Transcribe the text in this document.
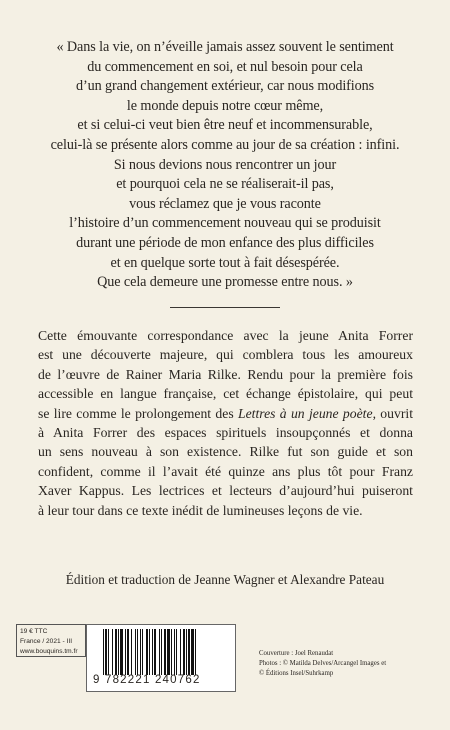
« Dans la vie, on n’éveille jamais assez souvent le sentiment
du commencement en soi, et nul besoin pour cela
d’un grand changement extérieur, car nous modifions
le monde depuis notre cœur même,
et si celui-ci veut bien être neuf et incommensurable,
celui-là se présente alors comme au jour de sa création : infini.
Si nous devions nous rencontrer un jour
et pourquoi cela ne se réaliserait-il pas,
vous réclamez que je vous raconte
l’histoire d’un commencement nouveau qui se produisit
durant une période de mon enfance des plus difficiles
et en quelque sorte tout à fait désespérée.
Que cela demeure une promesse entre nous. »
Cette émouvante correspondance avec la jeune Anita Forrer
est une découverte majeure, qui comblera tous les amoureux
de l’œuvre de Rainer Maria Rilke. Rendu pour la première fois
accessible en langue française, cet échange épistolaire, qui peut
se lire comme le prolongement des Lettres à un jeune poète, ouvrit
à Anita Forrer des espaces spirituels insoupçonnés et donna
un sens nouveau à son existence. Rilke fut son guide et son
confident, comme il l’avait été quinze ans plus tôt pour Franz
Xaver Kappus. Les lectrices et lecteurs d’aujourd’hui puiseront
à leur tour dans ce texte inédit de lumineuses leçons de vie.
Édition et traduction de Jeanne Wagner et Alexandre Pateau
19 € TTC
France / 2021 - III
www.bouquins.tm.fr
9 782221 240762
Couverture : Joel Renaudat
Photos : © Matilda Delves/Arcangel Images et
© Éditions Insel/Suhrkamp
